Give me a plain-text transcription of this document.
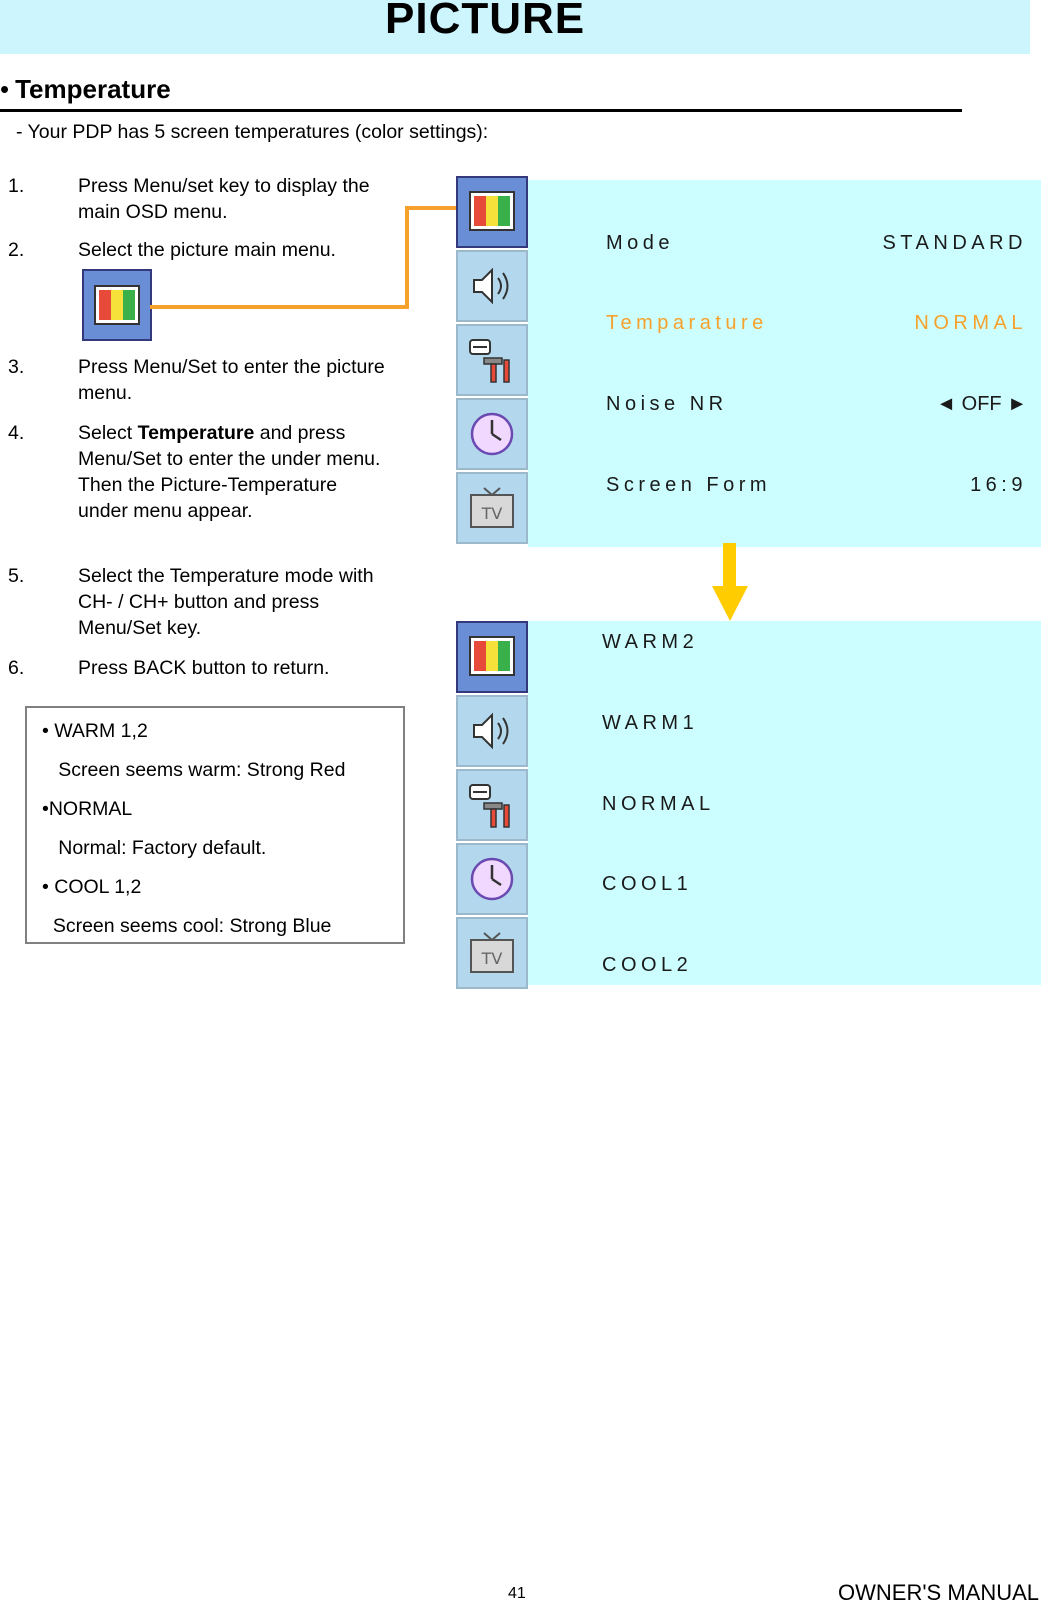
PICTURE
• Temperature
- Your PDP has 5 screen temperatures (color settings):
1.	Press Menu/set key to display the main OSD menu.
2.	Select the picture main menu.
3.	Press Menu/Set to enter the picture menu.
4.	Select Temperature and press Menu/Set to enter the under menu. Then the Picture-Temperature under menu appear.
5.	Select the Temperature mode with CH- / CH+ button and press Menu/Set key.
6.	Press BACK button to return.
• WARM 1,2
Screen seems warm: Strong Red
•NORMAL
Normal: Factory default.
• COOL 1,2
Screen seems cool: Strong Blue
Mode	STANDARD
Temparature	NORMAL
Noise NR	◄ OFF ►
Screen Form	16:9
TV
WARM2
WARM1
NORMAL
COOL1
COOL2
TV
41	OWNER'S MANUAL
